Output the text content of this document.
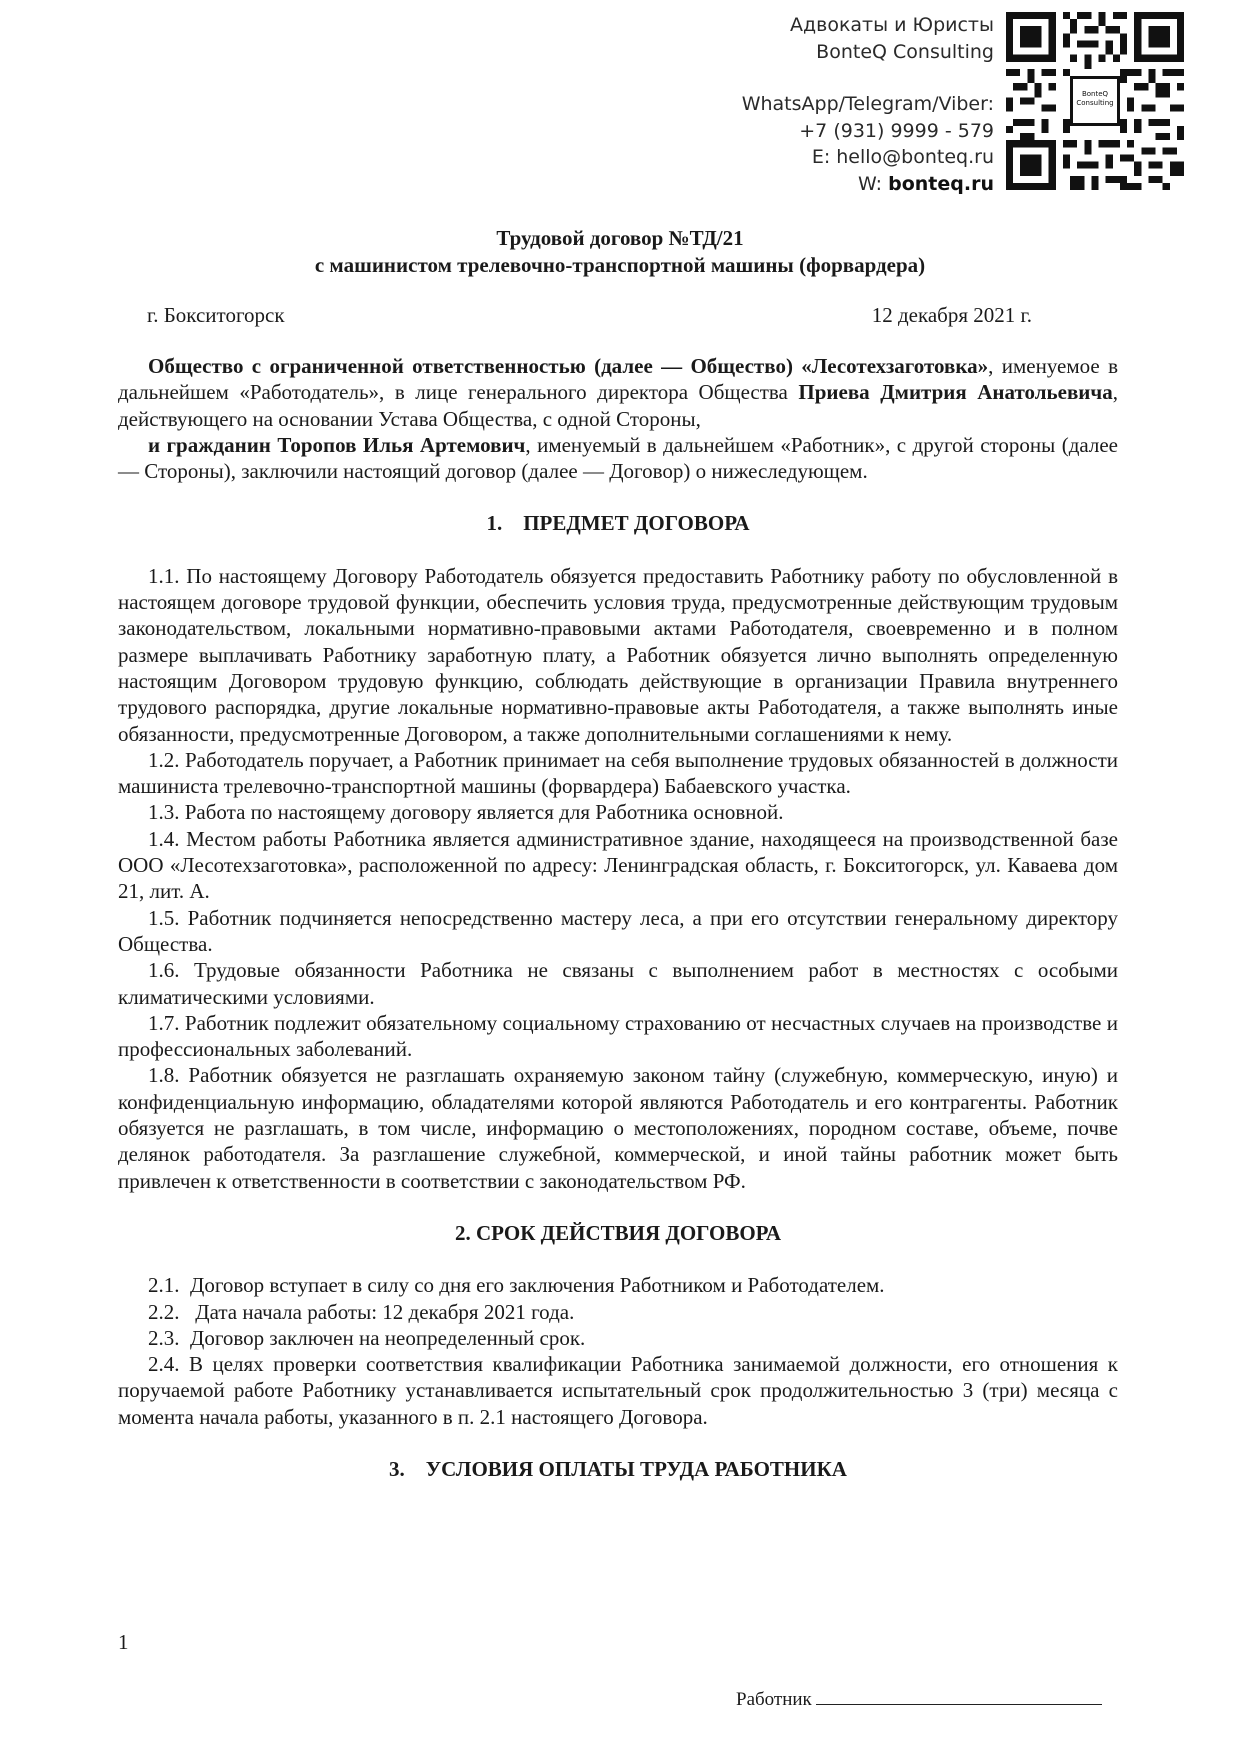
Адвокаты и Юристы
BonteQ Consulting
WhatsApp/Telegram/Viber:
+7 (931) 9999 - 579
E: hello@bonteq.ru
W: bonteq.ru
BonteQ Consulting
Трудовой договор №ТД/21
с машинистом трелевочно-транспортной машины (форвардера)
г. Бокситогорск	12 декабря 2021 г.

Общество с ограниченной ответственностью (далее — Общество) «Лесотехзаготовка», именуемое в дальнейшем «Работодатель», в лице генерального директора Общества Приева Дмитрия Анатольевича, действующего на основании Устава Общества, с одной Стороны,

и гражданин Торопов Илья Артемович, именуемый в дальнейшем «Работник», с другой стороны (далее — Стороны), заключили настоящий договор (далее — Договор) о нижеследующем.

1.    ПРЕДМЕТ ДОГОВОРА

1.1. По настоящему Договору Работодатель обязуется предоставить Работнику работу по обусловленной в настоящем договоре трудовой функции, обеспечить условия труда, предусмотренные действующим трудовым законодательством, локальными нормативно-правовыми актами Работодателя, своевременно и в полном размере выплачивать Работнику заработную плату, а Работник обязуется лично выполнять определенную настоящим Договором трудовую функцию, соблюдать действующие в организации Правила внутреннего трудового распорядка, другие локальные нормативно-правовые акты Работодателя, а также выполнять иные обязанности, предусмотренные Договором, а также дополнительными соглашениями к нему.

1.2. Работодатель поручает, а Работник принимает на себя выполнение трудовых обязанностей в должности машиниста трелевочно-транспортной машины (форвардера) Бабаевского участка.

1.3. Работа по настоящему договору является для Работника основной.

1.4. Местом работы Работника является административное здание, находящееся на производственной базе ООО «Лесотехзаготовка», расположенной по адресу: Ленинградская область, г. Бокситогорск, ул. Каваева дом 21, лит. А.

1.5. Работник подчиняется непосредственно мастеру леса, а при его отсутствии генеральному директору Общества.

1.6. Трудовые обязанности Работника не связаны с выполнением работ в местностях с особыми климатическими условиями.

1.7. Работник подлежит обязательному социальному страхованию от несчастных случаев на производстве и профессиональных заболеваний.

1.8. Работник обязуется не разглашать охраняемую законом тайну (служебную, коммерческую, иную) и конфиденциальную информацию, обладателями которой являются Работодатель и его контрагенты. Работник обязуется не разглашать, в том числе, информацию о местоположениях, породном составе, объеме, почве делянок работодателя. За разглашение служебной, коммерческой, и иной тайны работник может быть привлечен к ответственности в соответствии с законодательством РФ.

2. СРОК ДЕЙСТВИЯ ДОГОВОРА

2.1.  Договор вступает в силу со дня его заключения Работником и Работодателем.

2.2.   Дата начала работы: 12 декабря 2021 года.

2.3.  Договор заключен на неопределенный срок.

2.4. В целях проверки соответствия квалификации Работника занимаемой должности, его отношения к поручаемой работе Работнику устанавливается испытательный срок продолжительностью 3 (три) месяца с момента начала работы, указанного в п. 2.1 настоящего Договора.

3.    УСЛОВИЯ ОПЛАТЫ ТРУДА РАБОТНИКА
1
Работник
